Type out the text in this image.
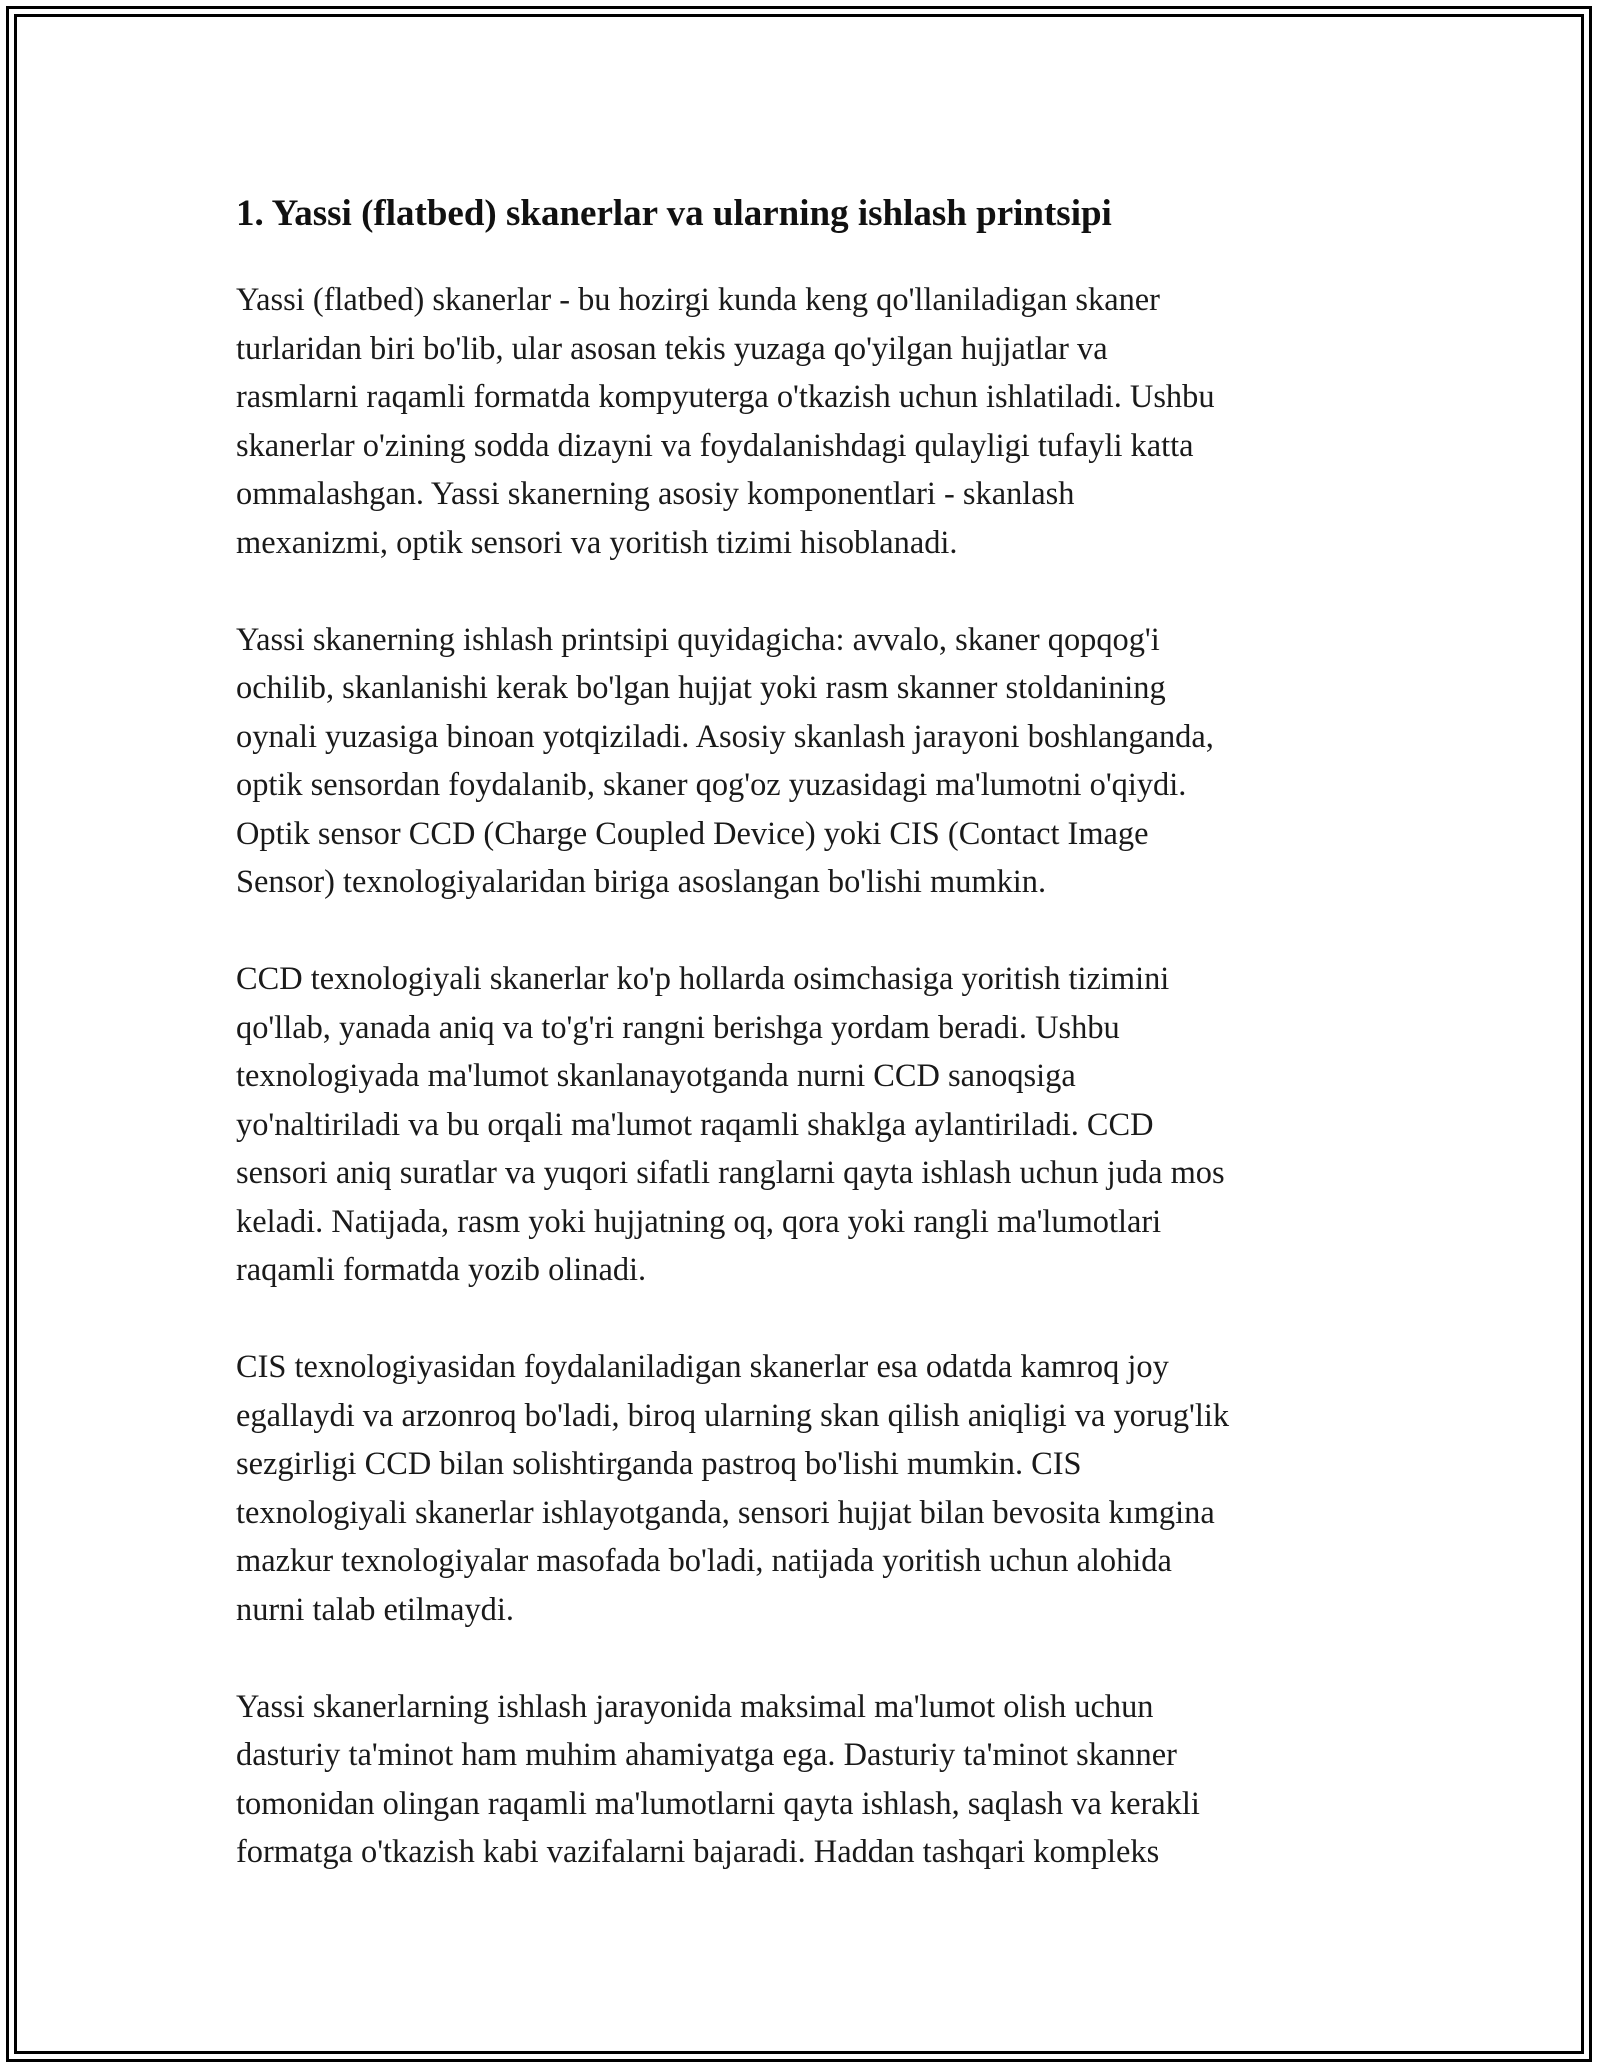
1. Yassi (flatbed) skanerlar va ularning ishlash printsipi

Yassi (flatbed) skanerlar - bu hozirgi kunda keng qo'llaniladigan skaner
turlaridan biri bo'lib, ular asosan tekis yuzaga qo'yilgan hujjatlar va
rasmlarni raqamli formatda kompyuterga o'tkazish uchun ishlatiladi. Ushbu
skanerlar o'zining sodda dizayni va foydalanishdagi qulayligi tufayli katta
ommalashgan. Yassi skanerning asosiy komponentlari - skanlash
mexanizmi, optik sensori va yoritish tizimi hisoblanadi.

Yassi skanerning ishlash printsipi quyidagicha: avvalo, skaner qopqog'i
ochilib, skanlanishi kerak bo'lgan hujjat yoki rasm skanner stoldanining
oynali yuzasiga binoan yotqiziladi. Asosiy skanlash jarayoni boshlanganda,
optik sensordan foydalanib, skaner qog'oz yuzasidagi ma'lumotni o'qiydi.
Optik sensor CCD (Charge Coupled Device) yoki CIS (Contact Image
Sensor) texnologiyalaridan biriga asoslangan bo'lishi mumkin.

CCD texnologiyali skanerlar ko'p hollarda osimchasiga yoritish tizimini
qo'llab, yanada aniq va to'g'ri rangni berishga yordam beradi. Ushbu
texnologiyada ma'lumot skanlanayotganda nurni CCD sanoqsiga
yo'naltiriladi va bu orqali ma'lumot raqamli shaklga aylantiriladi. CCD
sensori aniq suratlar va yuqori sifatli ranglarni qayta ishlash uchun juda mos
keladi. Natijada, rasm yoki hujjatning oq, qora yoki rangli ma'lumotlari
raqamli formatda yozib olinadi.

CIS texnologiyasidan foydalaniladigan skanerlar esa odatda kamroq joy
egallaydi va arzonroq bo'ladi, biroq ularning skan qilish aniqligi va yorug'lik
sezgirligi CCD bilan solishtirganda pastroq bo'lishi mumkin. CIS
texnologiyali skanerlar ishlayotganda, sensori hujjat bilan bevosita kımgina
mazkur texnologiyalar masofada bo'ladi, natijada yoritish uchun alohida
nurni talab etilmaydi.

Yassi skanerlarning ishlash jarayonida maksimal ma'lumot olish uchun
dasturiy ta'minot ham muhim ahamiyatga ega. Dasturiy ta'minot skanner
tomonidan olingan raqamli ma'lumotlarni qayta ishlash, saqlash va kerakli
formatga o'tkazish kabi vazifalarni bajaradi. Haddan tashqari kompleks
